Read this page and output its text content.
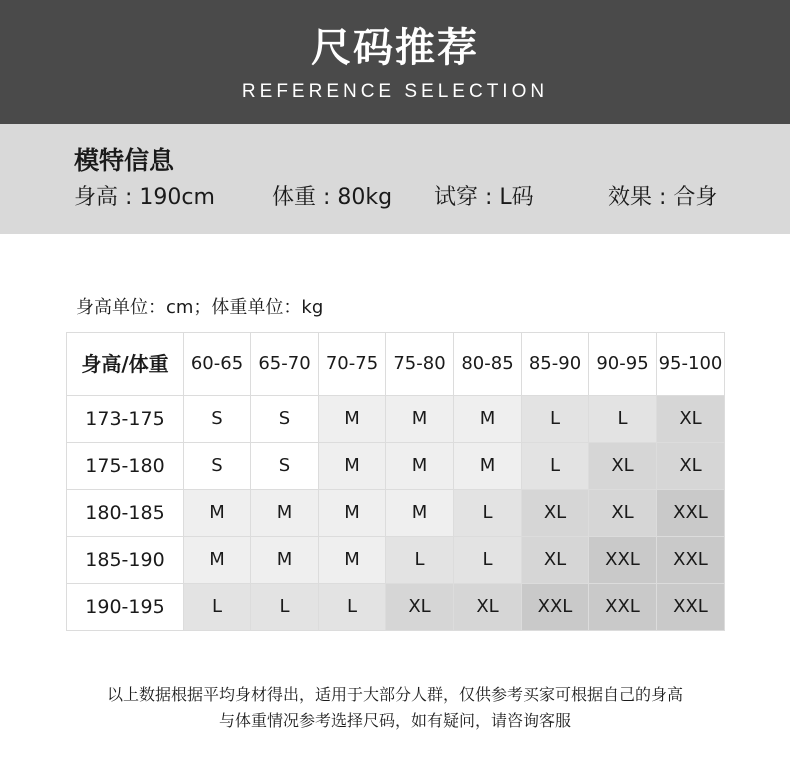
尺码推荐
REFERENCE SELECTION
模特信息
身高 : 190cm	体重 : 80kg 试穿 : L码	效果 : 合身
身高单位：cm；体重单位：kg
身高/体重	60-65	65-70	70-75	75-80	80-85	85-90	90-95	95-100
173-175	S	S	M	M	M	L	L	XL
175-180	S	S	M	M	M	L	XL	XL
180-185	M	M	M	M	L	XL	XL	XXL
185-190	M	M	M	L	L	XL	XXL	XXL
190-195	L	L	L	XL	XL	XXL	XXL	XXL
以上数据根据平均身材得出，适用于大部分人群，仅供参考买家可根据自己的身高
与体重情况参考选择尺码，如有疑问，请咨询客服
